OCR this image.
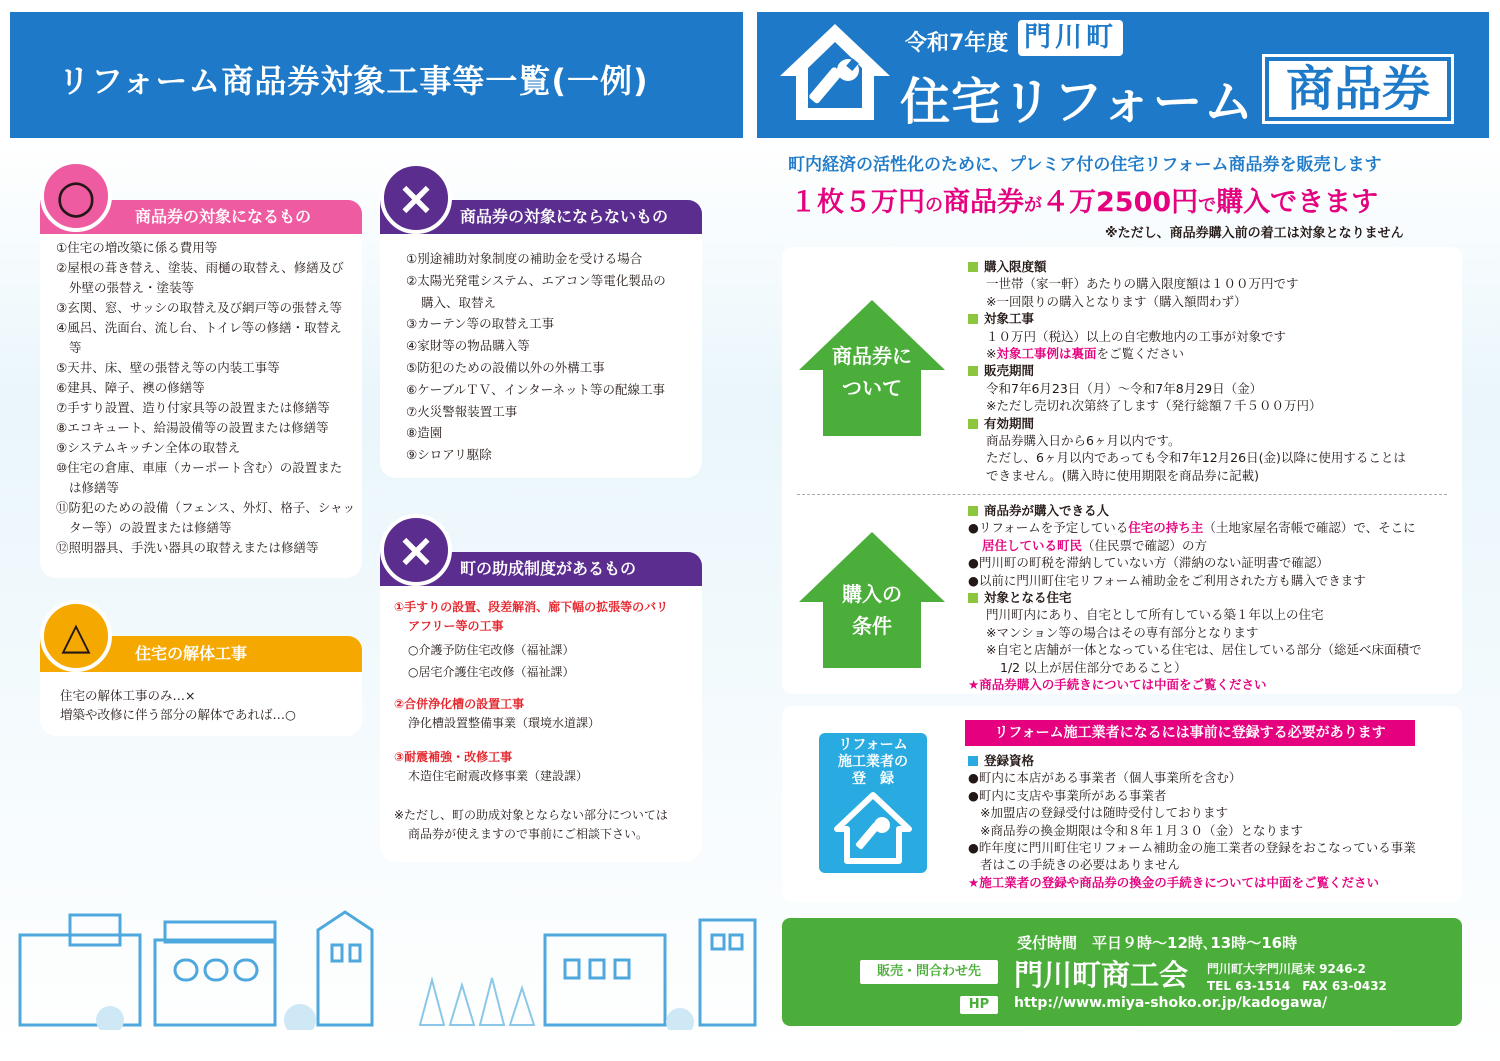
リフォーム商品券対象工事等一覧(一例)
令和7年度 門川町
住宅リフォーム 商品券
商品券の対象になるもの
①住宅の増改築に係る費用等
②屋根の葺き替え、塗装、雨樋の取替え、修繕及び
外壁の張替え・塗装等
③玄関、窓、サッシの取替え及び網戸等の張替え等
④風呂、洗面台、流し台、トイレ等の修繕・取替え
等
⑤天井、床、壁の張替え等の内装工事等
⑥建具、障子、襖の修繕等
⑦手すり設置、造り付家具等の設置または修繕等
⑧エコキュート、給湯設備等の設置または修繕等
⑨システムキッチン全体の取替え
⑩住宅の倉庫、車庫（カーポート含む）の設置また
は修繕等
⑪防犯のための設備（フェンス、外灯、格子、シャッ
ター等）の設置または修繕等
⑫照明器具、手洗い器具の取替えまたは修繕等
○	商品券の対象にならないもの
①別途補助対象制度の補助金を受ける場合
②太陽光発電システム、エアコン等電化製品の
購入、取替え
③カーテン等の取替え工事
④家財等の物品購入等
⑤防犯のための設備以外の外構工事
⑥ケーブルＴＶ、インターネット等の配線工事
⑦火災警報装置工事
⑧造園
⑨シロアリ駆除
×
住宅の解体工事
住宅の解体工事のみ…×
増築や改修に伴う部分の解体であれば…○
△
町の助成制度があるもの
①手すりの設置、段差解消、廊下幅の拡張等のバリ
アフリー等の工事
○介護予防住宅改修（福祉課）
○居宅介護住宅改修（福祉課）
②合併浄化槽の設置工事
浄化槽設置整備事業（環境水道課）
③耐震補強・改修工事
木造住宅耐震改修事業（建設課）
※ただし、町の助成対象とならない部分については
商品券が使えますので事前にご相談下さい。
×
町内経済の活性化のために、プレミア付の住宅リフォーム商品券を販売します
１枚５万円の商品券が４万2500円で購入できます
※ただし、商品券購入前の着工は対象となりません
商品券に
ついて
購入限度額
一世帯（家一軒）あたりの購入限度額は１００万円です
※一回限りの購入となります（購入額問わず）
対象工事
１０万円（税込）以上の自宅敷地内の工事が対象です
※対象工事例は裏面をご覧ください
販売期間
令和7年6月23日（月）～令和7年8月29日（金）
※ただし売切れ次第終了します（発行総額７千５００万円）
有効期間
商品券購入日から6ヶ月以内です。
ただし、6ヶ月以内であっても令和7年12月26日(金)以降に使用することは
できません。(購入時に使用期限を商品券に記載)
購入の
条件
商品券が購入できる人
●リフォームを予定している住宅の持ち主（土地家屋名寄帳で確認）で、そこに
居住している町民（住民票で確認）の方
●門川町の町税を滞納していない方（滞納のない証明書で確認）
●以前に門川町住宅リフォーム補助金をご利用された方も購入できます
対象となる住宅
門川町内にあり、自宅として所有している築１年以上の住宅
※マンション等の場合はその専有部分となります
※自宅と店舗が一体となっている住宅は、居住している部分（総延べ床面積で
1/2 以上が居住部分であること）
★商品券購入の手続きについては中面をご覧ください
リフォーム
施工業者の
登　録
リフォーム施工業者になるには事前に登録する必要があります
登録資格
●町内に本店がある事業者（個人事業所を含む）
●町内に支店や事業所がある事業者
※加盟店の登録受付は随時受付しております
※商品券の換金期限は令和８年１月３０（金）となります
●昨年度に門川町住宅リフォーム補助金の施工業者の登録をおこなっている事業
者はこの手続きの必要はありません
★施工業者の登録や商品券の換金の手続きについては中面をご覧ください
受付時間　平日９時～12時､13時～16時
販売・問合わせ先	門川町商工会 門川町大字門川尾末 9246-2
TEL 63-1514　FAX 63-0432
HP	http://www.miya-shoko.or.jp/kadogawa/
